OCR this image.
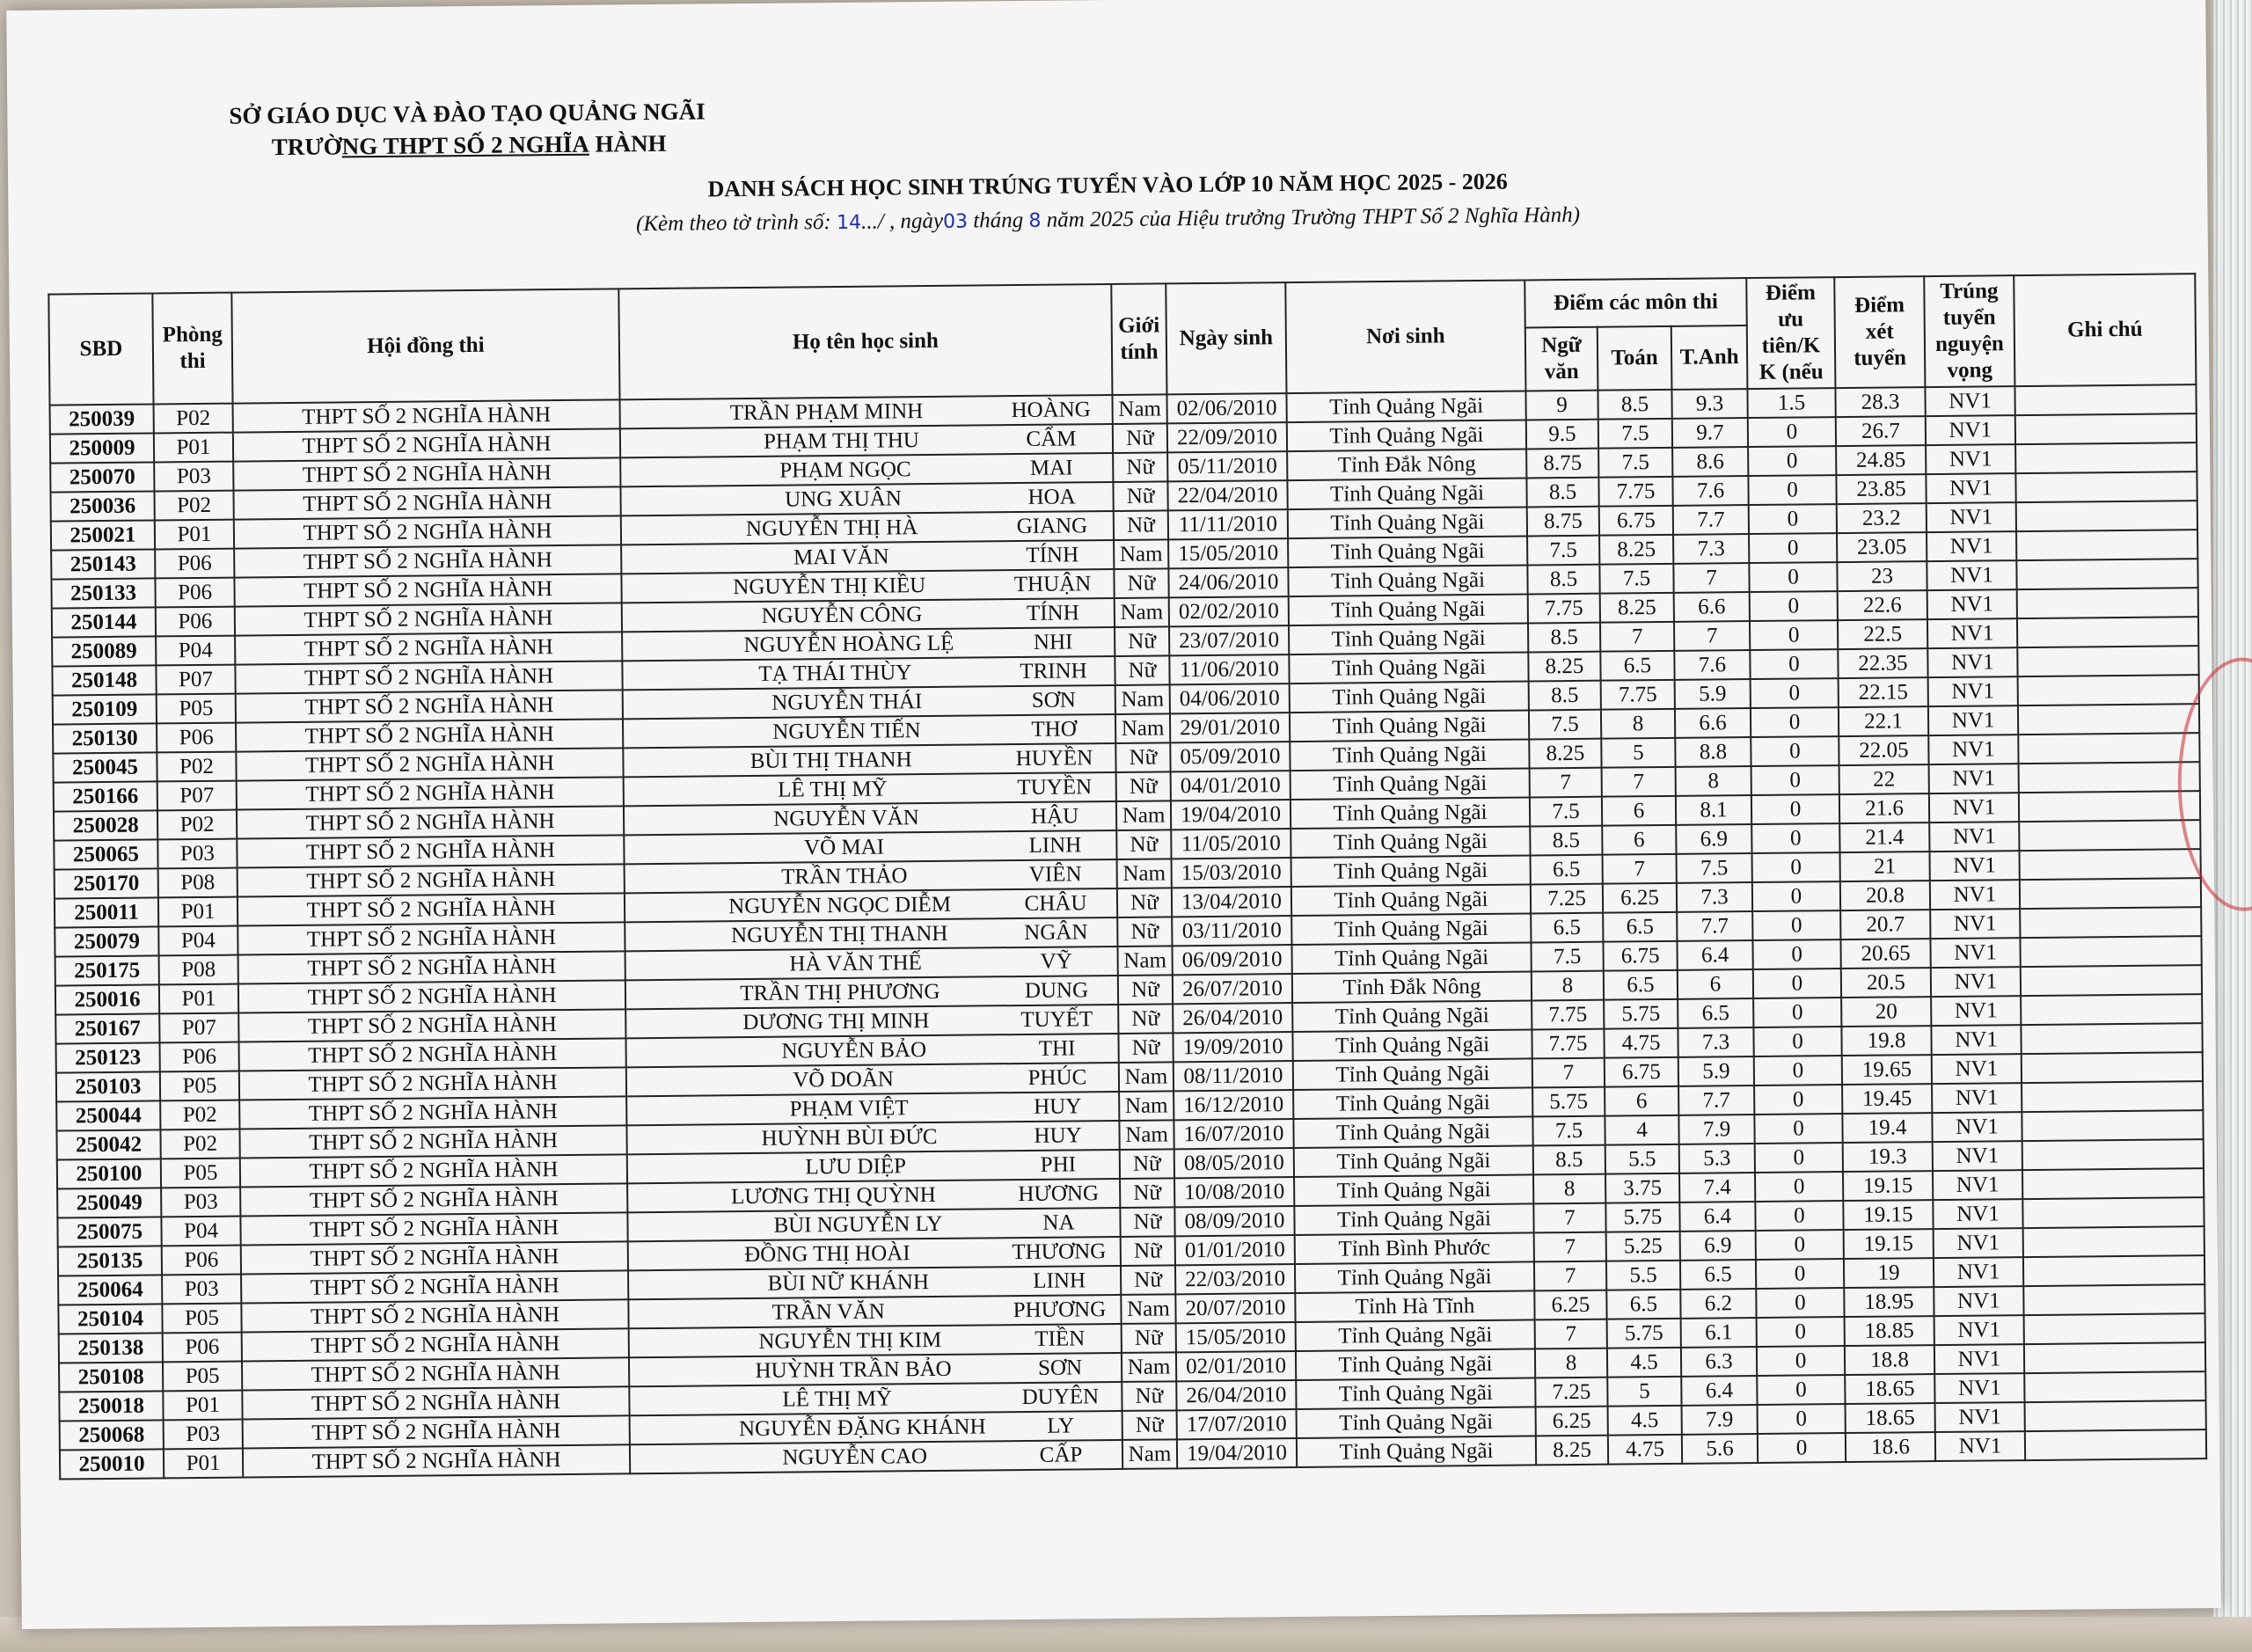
SỞ GIÁO DỤC VÀ ĐÀO TẠO QUẢNG NGÃI
TRƯỜNG THPT SỐ 2 NGHĨA HÀNH
DANH SÁCH HỌC SINH TRÚNG TUYỂN VÀO LỚP 10 NĂM HỌC 2025 - 2026
(Kèm theo tờ trình số: 14.../ , ngày03 tháng 8 năm 2025 của Hiệu trưởng Trường THPT Số 2 Nghĩa Hành)
SBD	Phòng thi	Hội đồng thi	Họ tên học sinh	Giới tính	Ngày sinh	Nơi sinh	Điểm các môn thi			Điểm ưu tiên/K K (nếu	Điểm xét tuyển	Trúng tuyển nguyện vọng	Ghi chú
							Ngữ văn	Toán	T.Anh				
250039	P02	THPT SỐ 2 NGHĨA HÀNH	TRẦN PHẠM MINH HOÀNG	Nam	02/06/2010	Tỉnh Quảng Ngãi	9	8.5	9.3	1.5	28.3	NV1	
250009	P01	THPT SỐ 2 NGHĨA HÀNH	PHẠM THỊ THU CẨM	Nữ	22/09/2010	Tỉnh Quảng Ngãi	9.5	7.5	9.7	0	26.7	NV1	
250070	P03	THPT SỐ 2 NGHĨA HÀNH	PHẠM NGỌC MAI	Nữ	05/11/2010	Tỉnh Đắk Nông	8.75	7.5	8.6	0	24.85	NV1	
250036	P02	THPT SỐ 2 NGHĨA HÀNH	UNG XUÂN HOA	Nữ	22/04/2010	Tỉnh Quảng Ngãi	8.5	7.75	7.6	0	23.85	NV1	
250021	P01	THPT SỐ 2 NGHĨA HÀNH	NGUYỄN THỊ HÀ GIANG	Nữ	11/11/2010	Tỉnh Quảng Ngãi	8.75	6.75	7.7	0	23.2	NV1	
250143	P06	THPT SỐ 2 NGHĨA HÀNH	MAI VĂN TÍNH	Nam	15/05/2010	Tỉnh Quảng Ngãi	7.5	8.25	7.3	0	23.05	NV1	
250133	P06	THPT SỐ 2 NGHĨA HÀNH	NGUYỄN THỊ KIỀU THUẬN	Nữ	24/06/2010	Tỉnh Quảng Ngãi	8.5	7.5	7	0	23	NV1	
250144	P06	THPT SỐ 2 NGHĨA HÀNH	NGUYỄN CÔNG TÍNH	Nam	02/02/2010	Tỉnh Quảng Ngãi	7.75	8.25	6.6	0	22.6	NV1	
250089	P04	THPT SỐ 2 NGHĨA HÀNH	NGUYỄN HOÀNG LỆ NHI	Nữ	23/07/2010	Tỉnh Quảng Ngãi	8.5	7	7	0	22.5	NV1	
250148	P07	THPT SỐ 2 NGHĨA HÀNH	TẠ THÁI THÙY TRINH	Nữ	11/06/2010	Tỉnh Quảng Ngãi	8.25	6.5	7.6	0	22.35	NV1	
250109	P05	THPT SỐ 2 NGHĨA HÀNH	NGUYỄN THÁI SƠN	Nam	04/06/2010	Tỉnh Quảng Ngãi	8.5	7.75	5.9	0	22.15	NV1	
250130	P06	THPT SỐ 2 NGHĨA HÀNH	NGUYỄN TIẾN THƠ	Nam	29/01/2010	Tỉnh Quảng Ngãi	7.5	8	6.6	0	22.1	NV1	
250045	P02	THPT SỐ 2 NGHĨA HÀNH	BÙI THỊ THANH HUYỀN	Nữ	05/09/2010	Tỉnh Quảng Ngãi	8.25	5	8.8	0	22.05	NV1	
250166	P07	THPT SỐ 2 NGHĨA HÀNH	LÊ THỊ MỸ TUYỀN	Nữ	04/01/2010	Tỉnh Quảng Ngãi	7	7	8	0	22	NV1	
250028	P02	THPT SỐ 2 NGHĨA HÀNH	NGUYỄN VĂN HẬU	Nam	19/04/2010	Tỉnh Quảng Ngãi	7.5	6	8.1	0	21.6	NV1	
250065	P03	THPT SỐ 2 NGHĨA HÀNH	VÕ MAI LINH	Nữ	11/05/2010	Tỉnh Quảng Ngãi	8.5	6	6.9	0	21.4	NV1	
250170	P08	THPT SỐ 2 NGHĨA HÀNH	TRẦN THẢO VIÊN	Nam	15/03/2010	Tỉnh Quảng Ngãi	6.5	7	7.5	0	21	NV1	
250011	P01	THPT SỐ 2 NGHĨA HÀNH	NGUYỄN NGỌC DIỄM CHÂU	Nữ	13/04/2010	Tỉnh Quảng Ngãi	7.25	6.25	7.3	0	20.8	NV1	
250079	P04	THPT SỐ 2 NGHĨA HÀNH	NGUYỄN THỊ THANH NGÂN	Nữ	03/11/2010	Tỉnh Quảng Ngãi	6.5	6.5	7.7	0	20.7	NV1	
250175	P08	THPT SỐ 2 NGHĨA HÀNH	HÀ VĂN THẾ VỸ	Nam	06/09/2010	Tỉnh Quảng Ngãi	7.5	6.75	6.4	0	20.65	NV1	
250016	P01	THPT SỐ 2 NGHĨA HÀNH	TRẦN THỊ PHƯƠNG DUNG	Nữ	26/07/2010	Tỉnh Đắk Nông	8	6.5	6	0	20.5	NV1	
250167	P07	THPT SỐ 2 NGHĨA HÀNH	DƯƠNG THỊ MINH TUYẾT	Nữ	26/04/2010	Tỉnh Quảng Ngãi	7.75	5.75	6.5	0	20	NV1	
250123	P06	THPT SỐ 2 NGHĨA HÀNH	NGUYỄN BẢO THI	Nữ	19/09/2010	Tỉnh Quảng Ngãi	7.75	4.75	7.3	0	19.8	NV1	
250103	P05	THPT SỐ 2 NGHĨA HÀNH	VÕ DOÃN PHÚC	Nam	08/11/2010	Tỉnh Quảng Ngãi	7	6.75	5.9	0	19.65	NV1	
250044	P02	THPT SỐ 2 NGHĨA HÀNH	PHẠM VIỆT HUY	Nam	16/12/2010	Tỉnh Quảng Ngãi	5.75	6	7.7	0	19.45	NV1	
250042	P02	THPT SỐ 2 NGHĨA HÀNH	HUỲNH BÙI ĐỨC HUY	Nam	16/07/2010	Tỉnh Quảng Ngãi	7.5	4	7.9	0	19.4	NV1	
250100	P05	THPT SỐ 2 NGHĨA HÀNH	LƯU DIỆP PHI	Nữ	08/05/2010	Tỉnh Quảng Ngãi	8.5	5.5	5.3	0	19.3	NV1	
250049	P03	THPT SỐ 2 NGHĨA HÀNH	LƯƠNG THỊ QUỲNH HƯƠNG	Nữ	10/08/2010	Tỉnh Quảng Ngãi	8	3.75	7.4	0	19.15	NV1	
250075	P04	THPT SỐ 2 NGHĨA HÀNH	BÙI NGUYỄN LY NA	Nữ	08/09/2010	Tỉnh Quảng Ngãi	7	5.75	6.4	0	19.15	NV1	
250135	P06	THPT SỐ 2 NGHĨA HÀNH	ĐỒNG THỊ HOÀI THƯƠNG	Nữ	01/01/2010	Tỉnh Bình Phước	7	5.25	6.9	0	19.15	NV1	
250064	P03	THPT SỐ 2 NGHĨA HÀNH	BÙI NỮ KHÁNH LINH	Nữ	22/03/2010	Tỉnh Quảng Ngãi	7	5.5	6.5	0	19	NV1	
250104	P05	THPT SỐ 2 NGHĨA HÀNH	TRẦN VĂN PHƯƠNG	Nam	20/07/2010	Tỉnh Hà Tĩnh	6.25	6.5	6.2	0	18.95	NV1	
250138	P06	THPT SỐ 2 NGHĨA HÀNH	NGUYỄN THỊ KIM TIỀN	Nữ	15/05/2010	Tỉnh Quảng Ngãi	7	5.75	6.1	0	18.85	NV1	
250108	P05	THPT SỐ 2 NGHĨA HÀNH	HUỲNH TRẦN BẢO SƠN	Nam	02/01/2010	Tỉnh Quảng Ngãi	8	4.5	6.3	0	18.8	NV1	
250018	P01	THPT SỐ 2 NGHĨA HÀNH	LÊ THỊ MỸ DUYÊN	Nữ	26/04/2010	Tỉnh Quảng Ngãi	7.25	5	6.4	0	18.65	NV1	
250068	P03	THPT SỐ 2 NGHĨA HÀNH	NGUYỄN ĐẶNG KHÁNH LY	Nữ	17/07/2010	Tỉnh Quảng Ngãi	6.25	4.5	7.9	0	18.65	NV1	
250010	P01	THPT SỐ 2 NGHĨA HÀNH	NGUYỄN CAO CẤP	Nam	19/04/2010	Tỉnh Quảng Ngãi	8.25	4.75	5.6	0	18.6	NV1	
